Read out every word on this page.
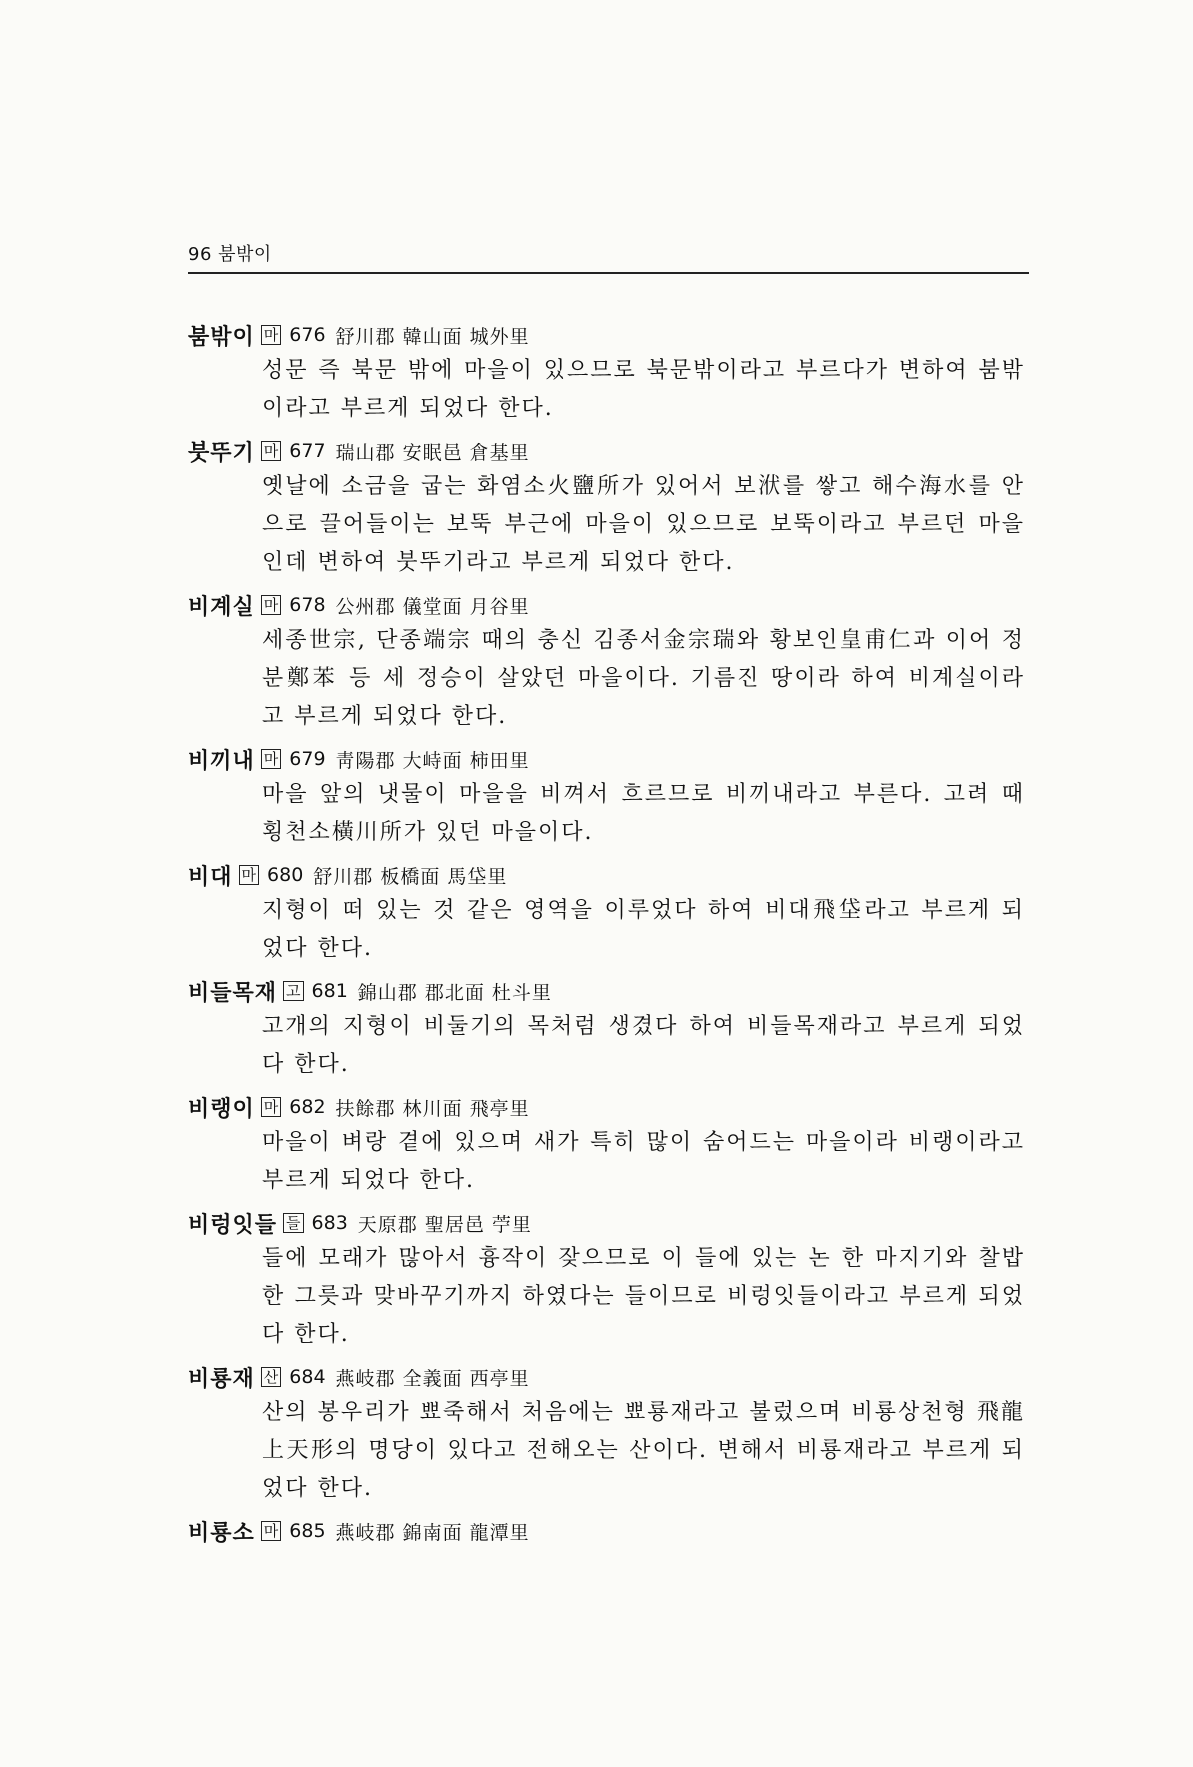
96 붐밖이
붐밖이 마 676 舒川郡 韓山面 城外里
성문 즉 북문 밖에 마을이 있으므로 북문밖이라고 부르다가 변하여 붐밖이라고 부르게 되었다 한다.
붓뚜기 마 677 瑞山郡 安眠邑 倉基里
옛날에 소금을 굽는 화염소火鹽所가 있어서 보洑를 쌓고 해수海水를 안으로 끌어들이는 보뚝 부근에 마을이 있으므로 보뚝이라고 부르던 마을인데 변하여 붓뚜기라고 부르게 되었다 한다.
비계실 마 678 公州郡 儀堂面 月谷里
세종世宗, 단종端宗 때의 충신 김종서金宗瑞와 황보인皇甫仁과 이어 정분鄭苯 등 세 정승이 살았던 마을이다. 기름진 땅이라 하여 비계실이라고 부르게 되었다 한다.
비끼내 마 679 靑陽郡 大峙面 柿田里
마을 앞의 냇물이 마을을 비껴서 흐르므로 비끼내라고 부른다. 고려 때 횡천소橫川所가 있던 마을이다.
비대 마 680 舒川郡 板橋面 馬垈里
지형이 떠 있는 것 같은 영역을 이루었다 하여 비대飛垈라고 부르게 되었다 한다.
비들목재 고 681 錦山郡 郡北面 杜斗里
고개의 지형이 비둘기의 목처럼 생겼다 하여 비들목재라고 부르게 되었다 한다.
비랭이 마 682 扶餘郡 林川面 飛亭里
마을이 벼랑 곁에 있으며 새가 특히 많이 숨어드는 마을이라 비랭이라고 부르게 되었다 한다.
비렁잇들 들 683 天原郡 聖居邑 苧里
들에 모래가 많아서 흉작이 잦으므로 이 들에 있는 논 한 마지기와 찰밥 한 그릇과 맞바꾸기까지 하였다는 들이므로 비렁잇들이라고 부르게 되었다 한다.
비룡재 산 684 燕岐郡 全義面 西亭里
산의 봉우리가 뾰죽해서 처음에는 뾰룡재라고 불렀으며 비룡상천형 飛龍上天形의 명당이 있다고 전해오는 산이다. 변해서 비룡재라고 부르게 되었다 한다.
비룡소 마 685 燕岐郡 錦南面 龍潭里
